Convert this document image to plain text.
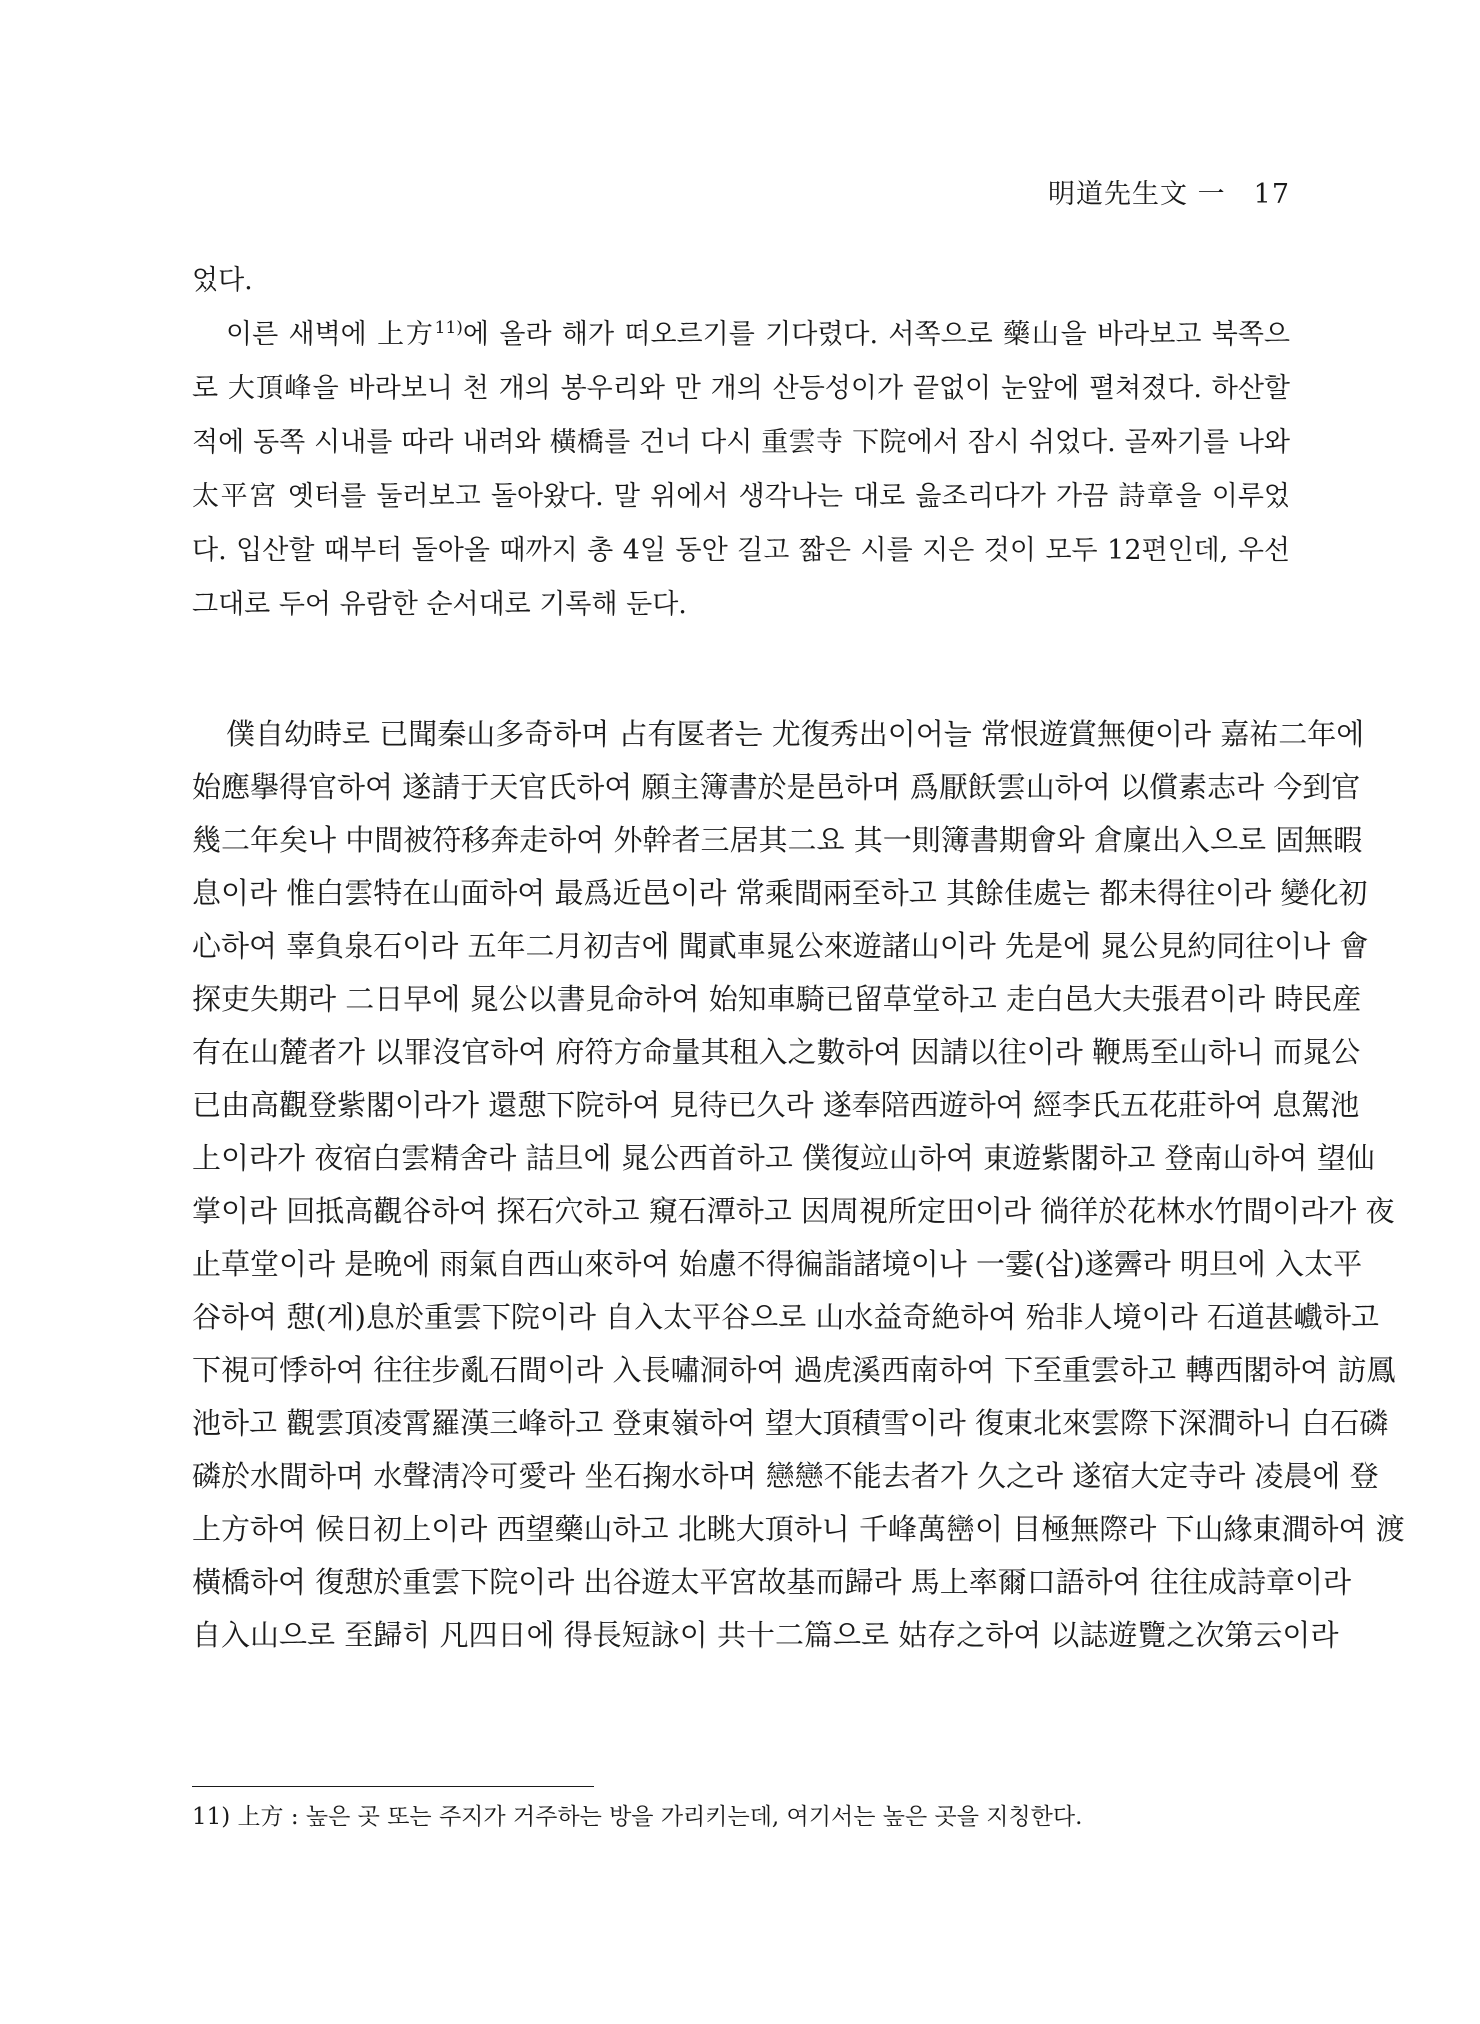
明道先生文 一 17

었다.

이른 새벽에 上方$^{11)}$에 올라 해가 떠오르기를 기다렸다. 서쪽으로 藥山을 바라보고 북쪽으로 大頂峰을 바라보니 천 개의 봉우리와 만 개의 산등성이가 끝없이 눈앞에 펼쳐졌다. 하산할 적에 동쪽 시내를 따라 내려와 橫橋를 건너 다시 重雲寺 下院에서 잠시 쉬었다. 골짜기를 나와 太平宮 옛터를 둘러보고 돌아왔다. 말 위에서 생각나는 대로 읊조리다가 가끔 詩章을 이루었다. 입산할 때부터 돌아올 때까지 총 4일 동안 길고 짧은 시를 지은 것이 모두 12편인데, 우선 그대로 두어 유람한 순서대로 기록해 둔다.

僕自幼時로 已聞秦山多奇하며 占有匽者는 尤復秀出이어늘 常恨遊賞無便이라 嘉祐二年에
始應擧得官하여 遂請于天官氏하여 願主簿書於是邑하며 爲厭飫雲山하여 以償素志라 今到官
幾二年矣나 中間被符移奔走하여 外幹者三居其二요 其一則簿書期會와 倉廩出入으로 固無暇
息이라 惟白雲特在山面하여 最爲近邑이라 常乘間兩至하고 其餘佳處는 都未得往이라 變化初
心하여 辜負泉石이라 五年二月初吉에 聞貳車晁公來遊諸山이라 先是에 晁公見約同往이나 會
探吏失期라 二日早에 晁公以書見命하여 始知車騎已留草堂하고 走白邑大夫張君이라 時民産
有在山麓者가 以罪沒官하여 府符方命量其租入之數하여 因請以往이라 鞭馬至山하니 而晁公
已由高觀登紫閣이라가 還憇下院하여 見待已久라 遂奉陪西遊하여 經李氏五花莊하여 息駕池
上이라가 夜宿白雲精舍라 詰旦에 晁公西首하고 僕復竝山하여 東遊紫閣하고 登南山하여 望仙
掌이라 回抵高觀谷하여 探石穴하고 窺石潭하고 因周視所定田이라 徜徉於花林水竹間이라가 夜
止草堂이라 是晩에 雨氣自西山來하여 始慮不得徧詣諸境이나 一霎(삽)遂霽라 明旦에 入太平
谷하여 憇(게)息於重雲下院이라 自入太平谷으로 山水益奇絶하여 殆非人境이라 石道甚巇하고
下視可悸하여 往往步亂石間이라 入長嘯洞하여 過虎溪西南하여 下至重雲하고 轉西閣하여 訪鳳
池하고 觀雲頂凌霄羅漢三峰하고 登東嶺하여 望大頂積雪이라 復東北來雲際下深澗하니 白石磷
磷於水間하며 水聲淸冷可愛라 坐石掬水하며 戀戀不能去者가 久之라 遂宿大定寺라 凌晨에 登
上方하여 候日初上이라 西望藥山하고 北眺大頂하니 千峰萬巒이 目極無際라 下山緣東澗하여 渡
橫橋하여 復憇於重雲下院이라 出谷遊太平宮故基而歸라 馬上率爾口語하여 往往成詩章이라
自入山으로 至歸히 凡四日에 得長短詠이 共十二篇으로 姑存之하여 以誌遊覽之次第云이라
11) 上方 : 높은 곳 또는 주지가 거주하는 방을 가리키는데, 여기서는 높은 곳을 지칭한다.
